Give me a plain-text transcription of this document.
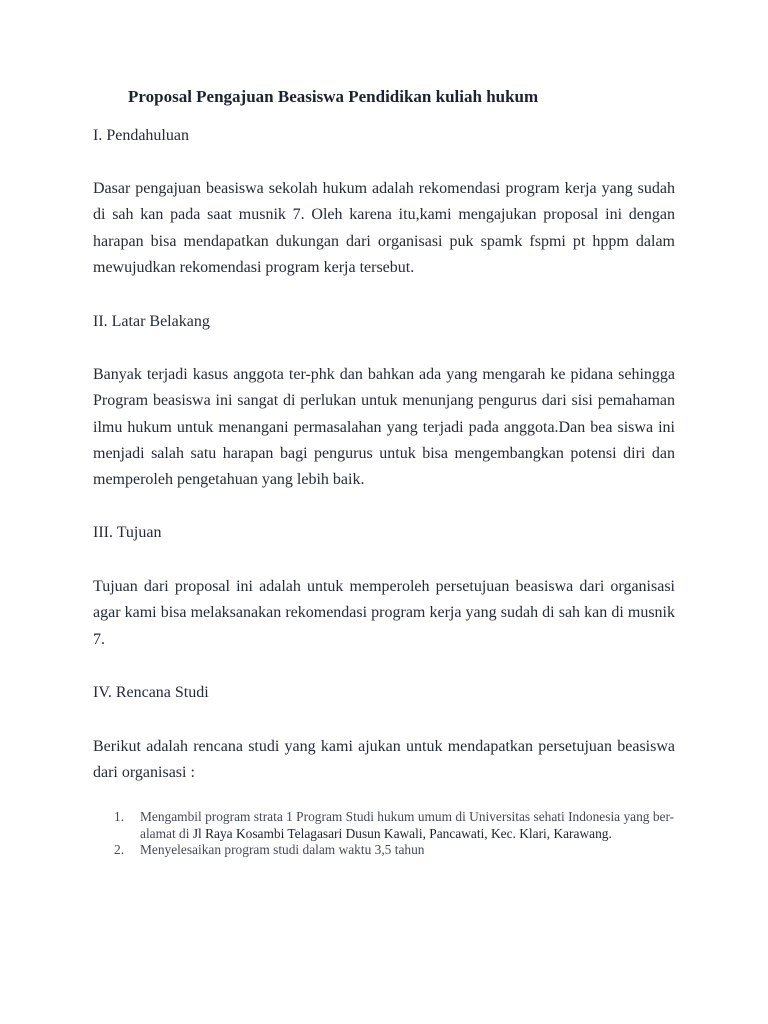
Proposal Pengajuan Beasiswa Pendidikan kuliah hukum
I. Pendahuluan
Dasar pengajuan beasiswa sekolah hukum adalah rekomendasi program kerja yang sudah di sah kan pada saat musnik 7. Oleh karena itu,kami mengajukan proposal ini dengan harapan bisa mendapatkan dukungan dari organisasi puk spamk fspmi pt hppm dalam mewujudkan rekomendasi program kerja tersebut.
II. Latar Belakang
Banyak terjadi kasus anggota ter-phk dan bahkan ada yang mengarah ke pidana sehingga Program beasiswa ini sangat di perlukan untuk menunjang pengurus dari sisi pemahaman ilmu hukum untuk menangani permasalahan yang terjadi pada anggota.Dan bea siswa ini menjadi salah satu harapan bagi pengurus untuk bisa mengembangkan potensi diri dan memperoleh pengetahuan yang lebih baik.
III. Tujuan
Tujuan dari proposal ini adalah untuk memperoleh persetujuan beasiswa dari organisasi agar kami bisa melaksanakan rekomendasi program kerja yang sudah di sah kan di musnik 7.
IV. Rencana Studi
Berikut adalah rencana studi yang kami ajukan untuk mendapatkan persetujuan beasiswa dari organisasi :
1. Mengambil program strata 1 Program Studi hukum umum di Universitas sehati Indonesia yang ber-alamat di Jl Raya Kosambi Telagasari Dusun Kawali, Pancawati, Kec. Klari, Karawang.
2. Menyelesaikan program studi dalam waktu 3,5 tahun
